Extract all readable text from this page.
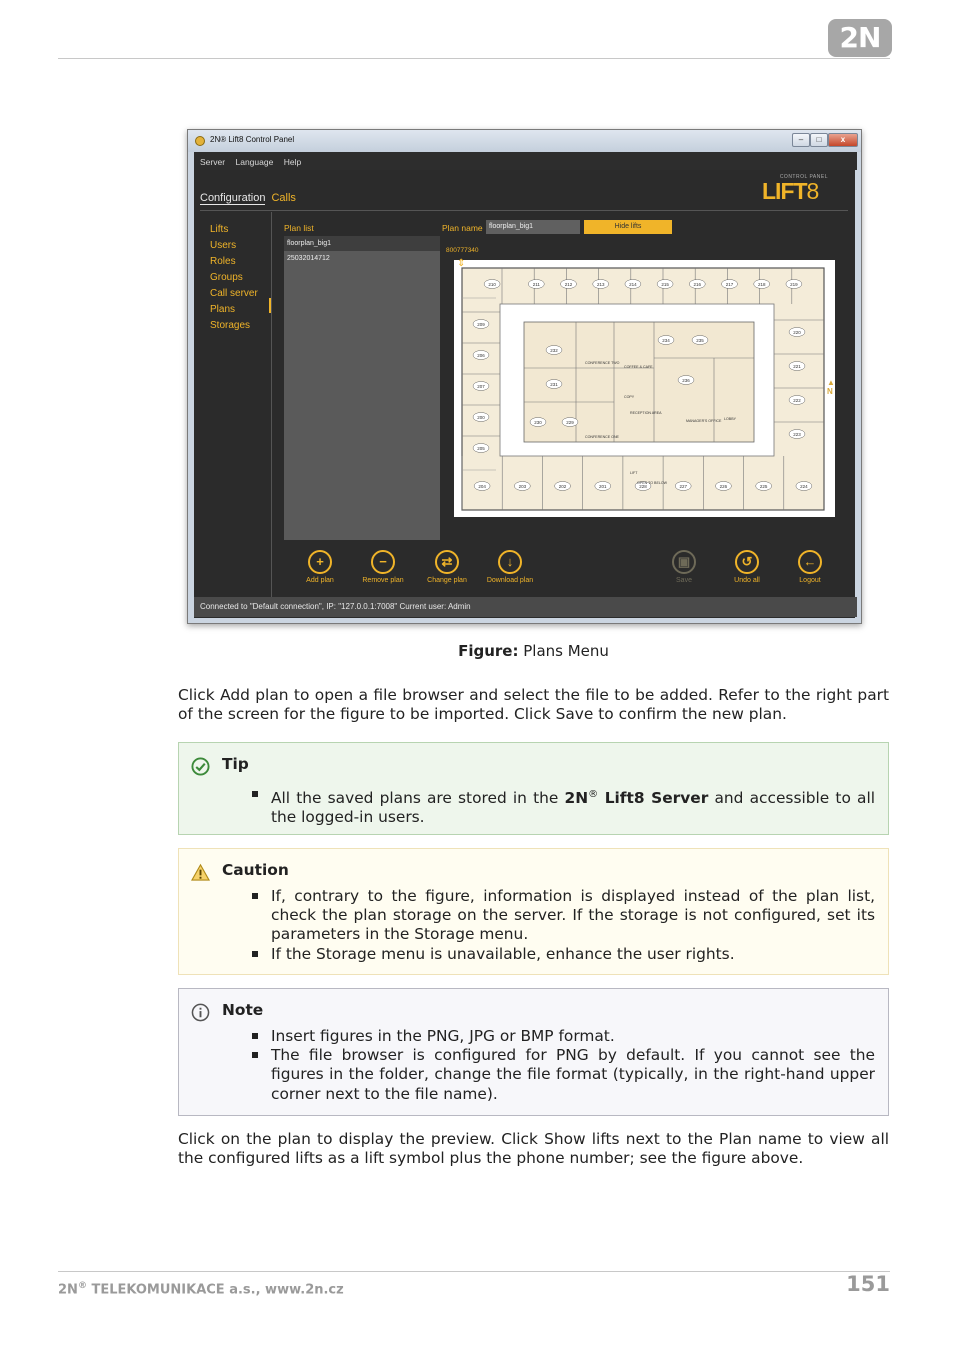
2N
2N® Lift8 Control Panel	–	□	x
Server Language Help
Configuration Calls
CONTROL PANEL
LIFT8
Lifts
Users
Roles
Groups
Call server
Plans
Storages
Plan list
floorplan_big1
25032014712
Plan name floorplan_big1	Hide lifts
800777340
210	211	212	213	214	215	216	217	218	219
209
206
207
200
205
220
221
222
223
204	203	202	201	228	227	226	225	224
232
231
230	229
234	235
236
CONFERENCE TWO
CONFERENCE ONE
COFFEE & CAFE
COPY
RECEPTION AREA
MANAGER'S OFFICE LOBBY
OPEN TO BELOW
LIFT
⇕
▲
N
+
Add plan
−
Remove plan
⇄
Change plan
↓
Download plan
▣
Save
↺
Undo all
←
Logout
Connected to "Default connection", IP: "127.0.0.1:7008" Current user: Admin
Figure: Plans Menu

Click Add plan to open a file browser and select the file to be added. Refer to the right part of the screen for the figure to be imported. Click Save to confirm the new plan.

Tip
All the saved plans are stored in the 2N® Lift8 Server and accessible to all the logged-in users.
Caution
If, contrary to the figure, information is displayed instead of the plan list, check the plan storage on the server. If the storage is not configured, set its parameters in the Storage menu.
If the Storage menu is unavailable, enhance the user rights.
Note
Insert figures in the PNG, JPG or BMP format.
The file browser is configured for PNG by default. If you cannot see the figures in the folder, change the file format (typically, in the right-hand upper corner next to the file name).

Click on the plan to display the preview. Click Show lifts next to the Plan name to view all the configured lifts as a lift symbol plus the phone number; see the figure above.

2N® TELEKOMUNIKACE a.s., www.2n.cz	151
